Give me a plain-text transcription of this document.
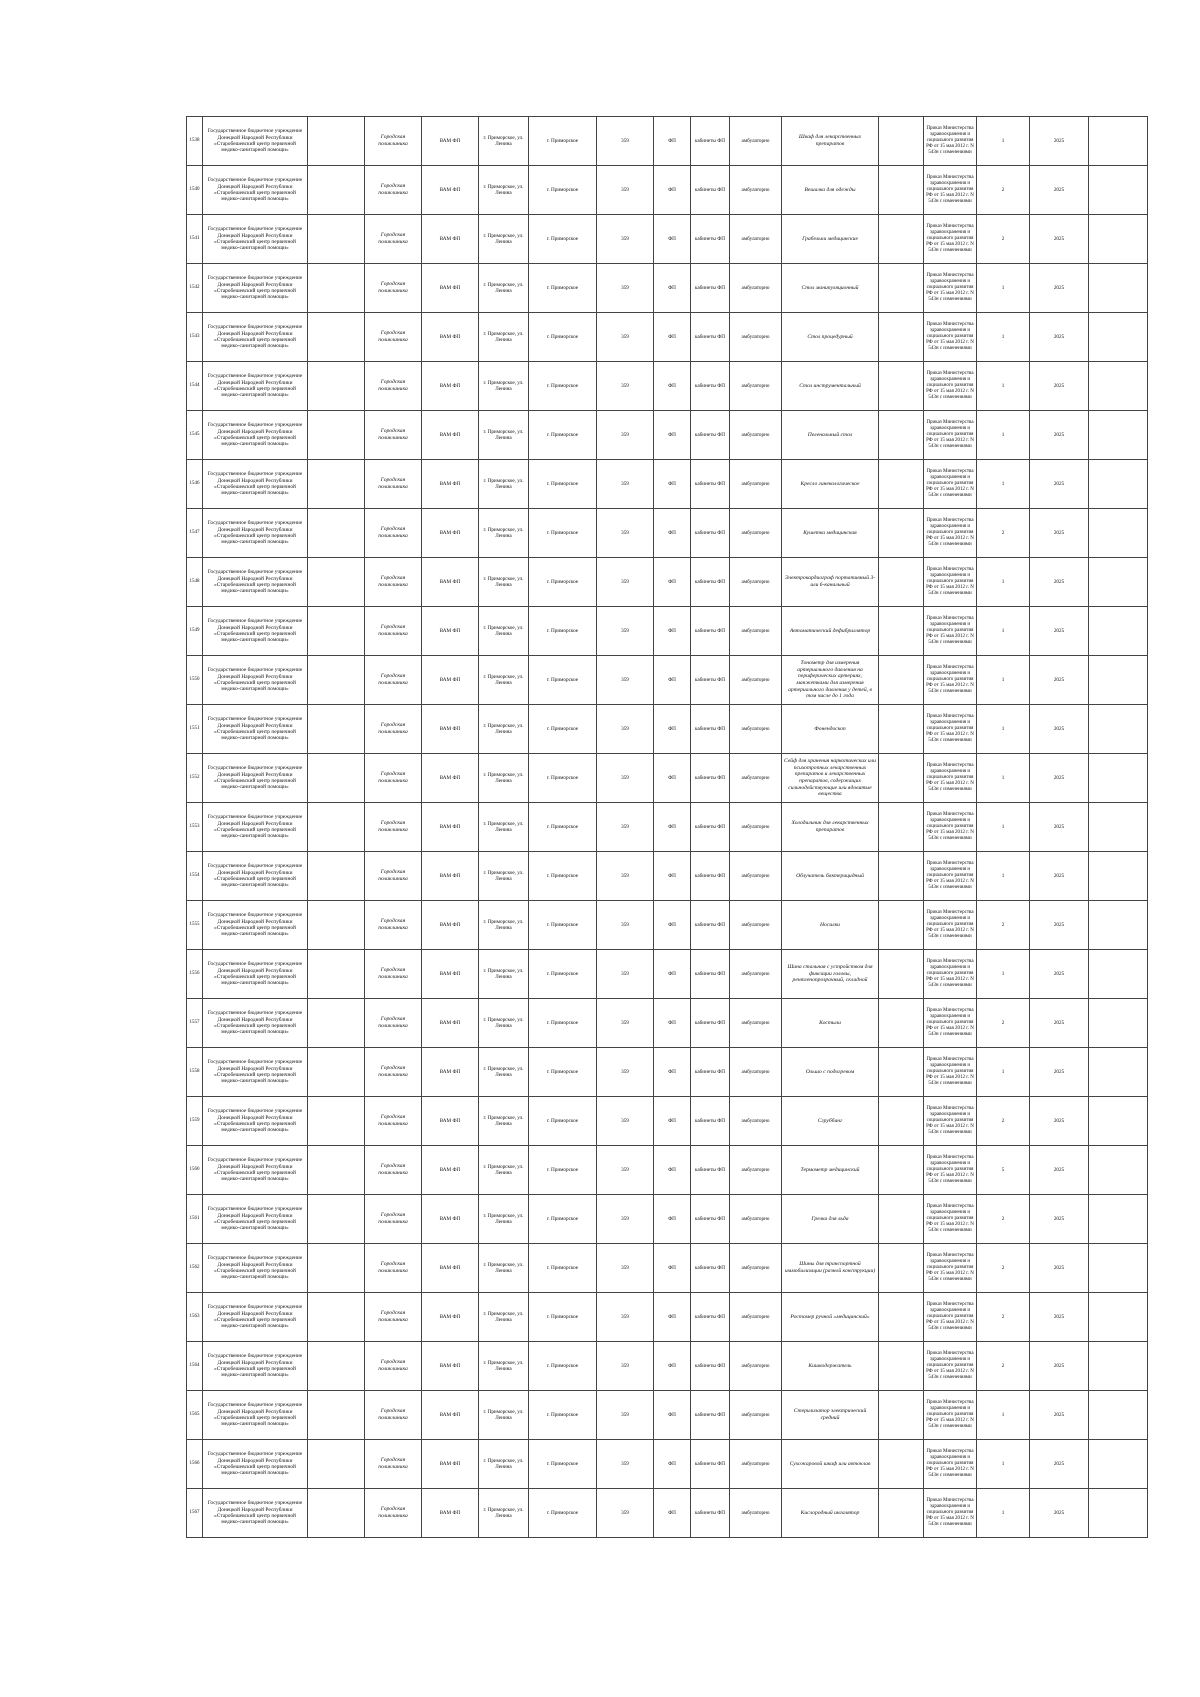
1538	Государственное бюджетное учреждение Донецкой Народной Республики «Старобешевский центр первичной медико-санитарной помощи»		Городская поликлиника	ВАМ ФП	г. Приморское, ул. Ленина	г. Приморское	359	ФП	кабинеты ФП	амбулаторно	Шкаф для лекарственных препаратов		Приказ Министерства здравоохранения и социального развития РФ от 15 мая 2012 г. N 543н с изменениями	1	2025	
1540	Государственное бюджетное учреждение Донецкой Народной Республики «Старобешевский центр первичной медико-санитарной помощи»		Городская поликлиника	ВАМ ФП	г. Приморское, ул. Ленина	г. Приморское	359	ФП	кабинеты ФП	амбулаторно	Вешалка для одежды		Приказ Министерства здравоохранения и социального развития РФ от 15 мая 2012 г. N 543н с изменениями	2	2025	
1541	Государственное бюджетное учреждение Донецкой Народной Республики «Старобешевский центр первичной медико-санитарной помощи»		Городская поликлиника	ВАМ ФП	г. Приморское, ул. Ленина	г. Приморское	359	ФП	кабинеты ФП	амбулаторно	Грабельки медицинские		Приказ Министерства здравоохранения и социального развития РФ от 15 мая 2012 г. N 543н с изменениями	2	2025	
1542	Государственное бюджетное учреждение Донецкой Народной Республики «Старобешевский центр первичной медико-санитарной помощи»		Городская поликлиника	ВАМ ФП	г. Приморское, ул. Ленина	г. Приморское	359	ФП	кабинеты ФП	амбулаторно	Стол манипуляционный		Приказ Министерства здравоохранения и социального развития РФ от 15 мая 2012 г. N 543н с изменениями	1	2025	
1543	Государственное бюджетное учреждение Донецкой Народной Республики «Старобешевский центр первичной медико-санитарной помощи»		Городская поликлиника	ВАМ ФП	г. Приморское, ул. Ленина	г. Приморское	359	ФП	кабинеты ФП	амбулаторно	Стол процедурный		Приказ Министерства здравоохранения и социального развития РФ от 15 мая 2012 г. N 543н с изменениями	1	2025	
1544	Государственное бюджетное учреждение Донецкой Народной Республики «Старобешевский центр первичной медико-санитарной помощи»		Городская поликлиника	ВАМ ФП	г. Приморское, ул. Ленина	г. Приморское	359	ФП	кабинеты ФП	амбулаторно	Стол инструментальный		Приказ Министерства здравоохранения и социального развития РФ от 15 мая 2012 г. N 543н с изменениями	1	2025	
1545	Государственное бюджетное учреждение Донецкой Народной Республики «Старобешевский центр первичной медико-санитарной помощи»		Городская поликлиника	ВАМ ФП	г. Приморское, ул. Ленина	г. Приморское	359	ФП	кабинеты ФП	амбулаторно	Пеленальный стол		Приказ Министерства здравоохранения и социального развития РФ от 15 мая 2012 г. N 543н с изменениями	1	2025	
1546	Государственное бюджетное учреждение Донецкой Народной Республики «Старобешевский центр первичной медико-санитарной помощи»		Городская поликлиника	ВАМ ФП	г. Приморское, ул. Ленина	г. Приморское	359	ФП	кабинеты ФП	амбулаторно	Кресло гинекологическое		Приказ Министерства здравоохранения и социального развития РФ от 15 мая 2012 г. N 543н с изменениями	1	2025	
1547	Государственное бюджетное учреждение Донецкой Народной Республики «Старобешевский центр первичной медико-санитарной помощи»		Городская поликлиника	ВАМ ФП	г. Приморское, ул. Ленина	г. Приморское	359	ФП	кабинеты ФП	амбулаторно	Кушетка медицинская		Приказ Министерства здравоохранения и социального развития РФ от 15 мая 2012 г. N 543н с изменениями	2	2025	
1548	Государственное бюджетное учреждение Донецкой Народной Республики «Старобешевский центр первичной медико-санитарной помощи»		Городская поликлиника	ВАМ ФП	г. Приморское, ул. Ленина	г. Приморское	359	ФП	кабинеты ФП	амбулаторно	Электрокардиограф портативный 3-или 6-канальный		Приказ Министерства здравоохранения и социального развития РФ от 15 мая 2012 г. N 543н с изменениями	1	2025	
1549	Государственное бюджетное учреждение Донецкой Народной Республики «Старобешевский центр первичной медико-санитарной помощи»		Городская поликлиника	ВАМ ФП	г. Приморское, ул. Ленина	г. Приморское	359	ФП	кабинеты ФП	амбулаторно	Автоматический дефибриллятор		Приказ Министерства здравоохранения и социального развития РФ от 15 мая 2012 г. N 543н с изменениями	1	2025	
1550	Государственное бюджетное учреждение Донецкой Народной Республики «Старобешевский центр первичной медико-санитарной помощи»		Городская поликлиника	ВАМ ФП	г. Приморское, ул. Ленина	г. Приморское	359	ФП	кабинеты ФП	амбулаторно	Тонометр для измерения артериального давления на периферических артериях, манжетками для измерения артериального давления у детей, в том числе до 1 года		Приказ Министерства здравоохранения и социального развития РФ от 15 мая 2012 г. N 543н с изменениями	1	2025	
1551	Государственное бюджетное учреждение Донецкой Народной Республики «Старобешевский центр первичной медико-санитарной помощи»		Городская поликлиника	ВАМ ФП	г. Приморское, ул. Ленина	г. Приморское	359	ФП	кабинеты ФП	амбулаторно	Фонендоскоп		Приказ Министерства здравоохранения и социального развития РФ от 15 мая 2012 г. N 543н с изменениями	1	2025	
1552	Государственное бюджетное учреждение Донецкой Народной Республики «Старобешевский центр первичной медико-санитарной помощи»		Городская поликлиника	ВАМ ФП	г. Приморское, ул. Ленина	г. Приморское	359	ФП	кабинеты ФП	амбулаторно	Сейф для хранения наркотических или психотропных лекарственных препаратов и лекарственных препаратов, содержащих сильнодействующие или ядовитые вещества		Приказ Министерства здравоохранения и социального развития РФ от 15 мая 2012 г. N 543н с изменениями	1	2025	
1553	Государственное бюджетное учреждение Донецкой Народной Республики «Старобешевский центр первичной медико-санитарной помощи»		Городская поликлиника	ВАМ ФП	г. Приморское, ул. Ленина	г. Приморское	359	ФП	кабинеты ФП	амбулаторно	Холодильник для лекарственных препаратов		Приказ Министерства здравоохранения и социального развития РФ от 15 мая 2012 г. N 543н с изменениями	1	2025	
1554	Государственное бюджетное учреждение Донецкой Народной Республики «Старобешевский центр первичной медико-санитарной помощи»		Городская поликлиника	ВАМ ФП	г. Приморское, ул. Ленина	г. Приморское	359	ФП	кабинеты ФП	амбулаторно	Облучатель бактерицидный		Приказ Министерства здравоохранения и социального развития РФ от 15 мая 2012 г. N 543н с изменениями	1	2025	
1555	Государственное бюджетное учреждение Донецкой Народной Республики «Старобешевский центр первичной медико-санитарной помощи»		Городская поликлиника	ВАМ ФП	г. Приморское, ул. Ленина	г. Приморское	359	ФП	кабинеты ФП	амбулаторно	Носилки		Приказ Министерства здравоохранения и социального развития РФ от 15 мая 2012 г. N 543н с изменениями	2	2025	
1556	Государственное бюджетное учреждение Донецкой Народной Республики «Старобешевский центр первичной медико-санитарной помощи»		Городская поликлиника	ВАМ ФП	г. Приморское, ул. Ленина	г. Приморское	359	ФП	кабинеты ФП	амбулаторно	Шина стальная с устройством для фиксации головы, рентгенопрозрачный, складной		Приказ Министерства здравоохранения и социального развития РФ от 15 мая 2012 г. N 543н с изменениями	1	2025	
1557	Государственное бюджетное учреждение Донецкой Народной Республики «Старобешевский центр первичной медико-санитарной помощи»		Городская поликлиника	ВАМ ФП	г. Приморское, ул. Ленина	г. Приморское	359	ФП	кабинеты ФП	амбулаторно	Костыли		Приказ Министерства здравоохранения и социального развития РФ от 15 мая 2012 г. N 543н с изменениями	2	2025	
1558	Государственное бюджетное учреждение Донецкой Народной Республики «Старобешевский центр первичной медико-санитарной помощи»		Городская поликлиника	ВАМ ФП	г. Приморское, ул. Ленина	г. Приморское	359	ФП	кабинеты ФП	амбулаторно	Ольшо с подогревом		Приказ Министерства здравоохранения и социального развития РФ от 15 мая 2012 г. N 543н с изменениями	1	2025	
1559	Государственное бюджетное учреждение Донецкой Народной Республики «Старобешевский центр первичной медико-санитарной помощи»		Городская поликлиника	ВАМ ФП	г. Приморское, ул. Ленина	г. Приморское	359	ФП	кабинеты ФП	амбулаторно	Сгруббинг		Приказ Министерства здравоохранения и социального развития РФ от 15 мая 2012 г. N 543н с изменениями	2	2025	
1560	Государственное бюджетное учреждение Донецкой Народной Республики «Старобешевский центр первичной медико-санитарной помощи»		Городская поликлиника	ВАМ ФП	г. Приморское, ул. Ленина	г. Приморское	359	ФП	кабинеты ФП	амбулаторно	Термометр медицинский		Приказ Министерства здравоохранения и социального развития РФ от 15 мая 2012 г. N 543н с изменениями	5	2025	
1561	Государственное бюджетное учреждение Донецкой Народной Республики «Старобешевский центр первичной медико-санитарной помощи»		Городская поликлиника	ВАМ ФП	г. Приморское, ул. Ленина	г. Приморское	359	ФП	кабинеты ФП	амбулаторно	Грелка для льда		Приказ Министерства здравоохранения и социального развития РФ от 15 мая 2012 г. N 543н с изменениями	2	2025	
1562	Государственное бюджетное учреждение Донецкой Народной Республики «Старобешевский центр первичной медико-санитарной помощи»		Городская поликлиника	ВАМ ФП	г. Приморское, ул. Ленина	г. Приморское	359	ФП	кабинеты ФП	амбулаторно	Шины для транспортной иммобилизации (разной конструкции)		Приказ Министерства здравоохранения и социального развития РФ от 15 мая 2012 г. N 543н с изменениями	2	2025	
1563	Государственное бюджетное учреждение Донецкой Народной Республики «Старобешевский центр первичной медико-санитарной помощи»		Городская поликлиника	ВАМ ФП	г. Приморское, ул. Ленина	г. Приморское	359	ФП	кабинеты ФП	амбулаторно	Ростомер ручной «медицинский»		Приказ Министерства здравоохранения и социального развития РФ от 15 мая 2012 г. N 543н с изменениями	2	2025	
1564	Государственное бюджетное учреждение Донецкой Народной Республики «Старобешевский центр первичной медико-санитарной помощи»		Городская поликлиника	ВАМ ФП	г. Приморское, ул. Ленина	г. Приморское	359	ФП	кабинеты ФП	амбулаторно	Кишкодержатель		Приказ Министерства здравоохранения и социального развития РФ от 15 мая 2012 г. N 543н с изменениями	2	2025	
1565	Государственное бюджетное учреждение Донецкой Народной Республики «Старобешевский центр первичной медико-санитарной помощи»		Городская поликлиника	ВАМ ФП	г. Приморское, ул. Ленина	г. Приморское	359	ФП	кабинеты ФП	амбулаторно	Стерилизатор электрический средний		Приказ Министерства здравоохранения и социального развития РФ от 15 мая 2012 г. N 543н с изменениями	1	2025	
1566	Государственное бюджетное учреждение Донецкой Народной Республики «Старобешевский центр первичной медико-санитарной помощи»		Городская поликлиника	ВАМ ФП	г. Приморское, ул. Ленина	г. Приморское	359	ФП	кабинеты ФП	амбулаторно	Сухожаровой шкаф или автоклав		Приказ Министерства здравоохранения и социального развития РФ от 15 мая 2012 г. N 543н с изменениями	1	2025	
1567	Государственное бюджетное учреждение Донецкой Народной Республики «Старобешевский центр первичной медико-санитарной помощи»		Городская поликлиника	ВАМ ФП	г. Приморское, ул. Ленина	г. Приморское	359	ФП	кабинеты ФП	амбулаторно	Кислородный ингалятор		Приказ Министерства здравоохранения и социального развития РФ от 15 мая 2012 г. N 543н с изменениями	1	2025	
